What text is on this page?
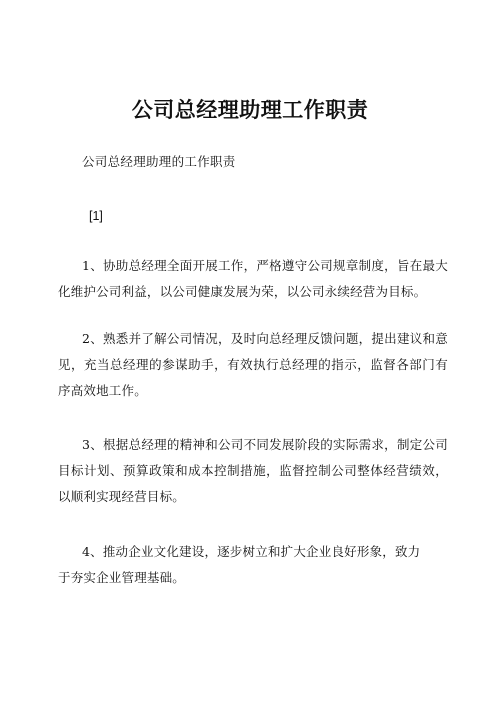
公司总经理助理工作职责
公司总经理助理的工作职责
[1]
1、协助总经理全面开展工作，严格遵守公司规章制度，旨在最大化维护公司利益，以公司健康发展为荣，以公司永续经营为目标。
2、熟悉并了解公司情况，及时向总经理反馈问题，提出建议和意见，充当总经理的参谋助手，有效执行总经理的指示，监督各部门有序高效地工作。
3、根据总经理的精神和公司不同发展阶段的实际需求，制定公司目标计划、预算政策和成本控制措施，监督控制公司整体经营绩效，以顺利实现经营目标。
4、推动企业文化建设，逐步树立和扩大企业良好形象，致力
于夯实企业管理基础。
